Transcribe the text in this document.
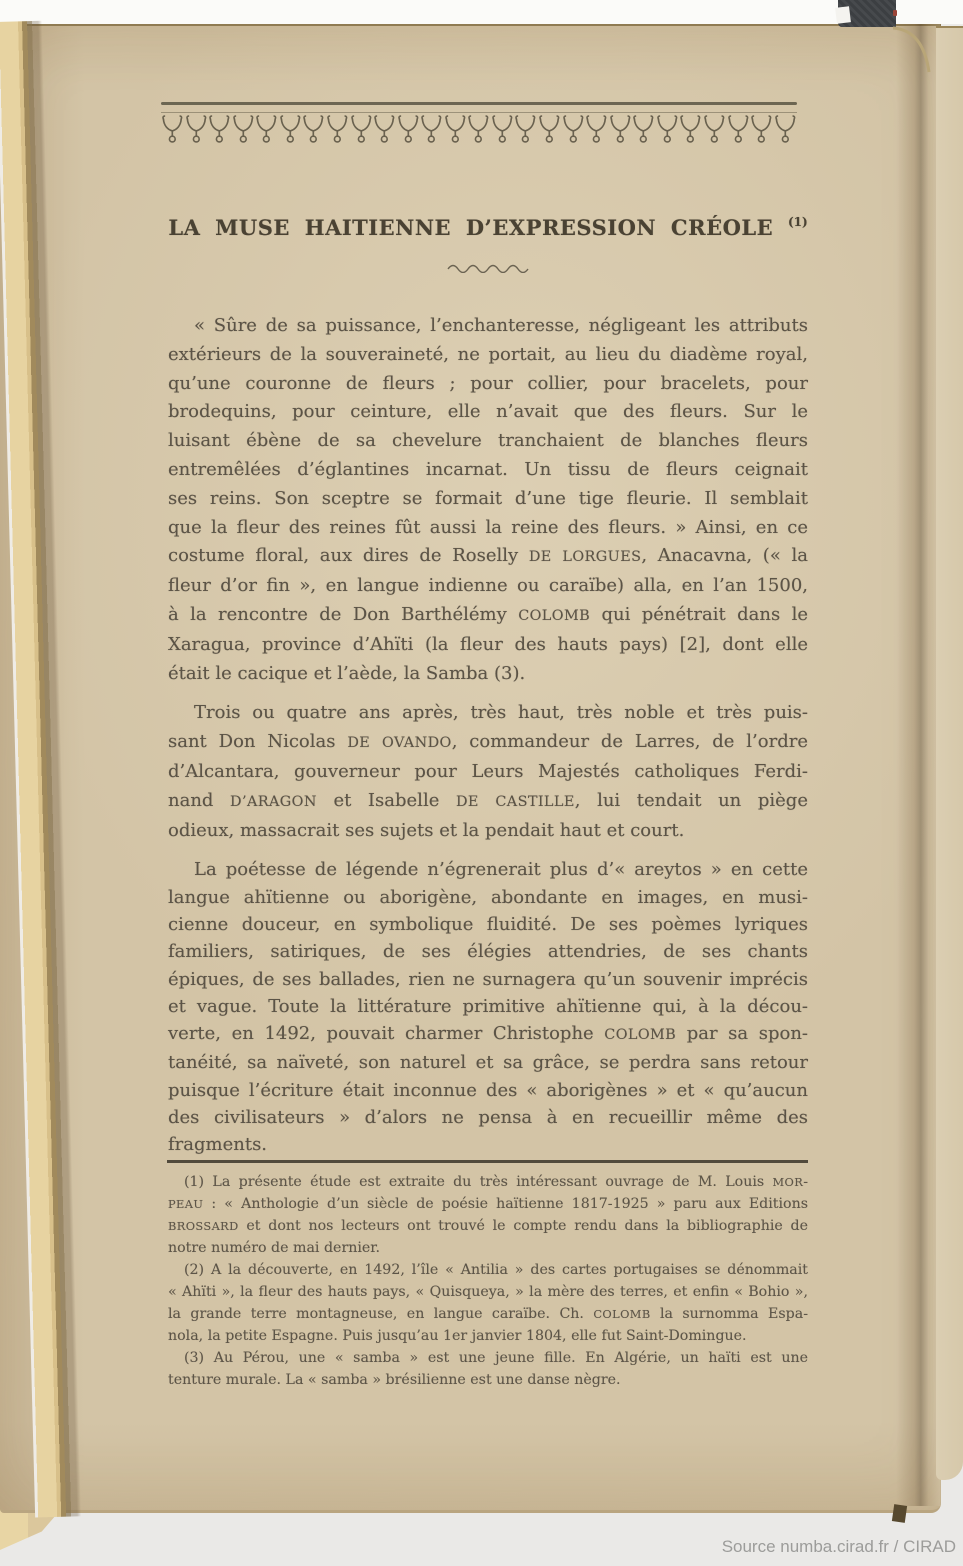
LA MUSE HAITIENNE D’EXPRESSION CRÉOLE $^{(1)}$
« Sûre de sa puissance, l’enchanteresse, négligeant les attributs
extérieurs de la souveraineté, ne portait, au lieu du diadème royal,
qu’une couronne de fleurs ; pour collier, pour bracelets, pour
brodequins, pour ceinture, elle n’avait que des fleurs. Sur le
luisant ébène de sa chevelure tranchaient de blanches fleurs
entremêlées d’églantines incarnat. Un tissu de fleurs ceignait
ses reins. Son sceptre se formait d’une tige fleurie. Il semblait
que la fleur des reines fût aussi la reine des fleurs. » Ainsi, en ce
costume floral, aux dires de Roselly DE LORGUES, Anacavna, (« la
fleur d’or fin », en langue indienne ou caraïbe) alla, en l’an 1500,
à la rencontre de Don Barthélémy COLOMB qui pénétrait dans le
Xaragua, province d’Ahïti (la fleur des hauts pays) [2], dont elle
était le cacique et l’aède, la Samba (3).
Trois ou quatre ans après, très haut, très noble et très puis-
sant Don Nicolas DE OVANDO, commandeur de Larres, de l’ordre
d’Alcantara, gouverneur pour Leurs Majestés catholiques Ferdi-
nand D’ARAGON et Isabelle DE CASTILLE, lui tendait un piège
odieux, massacrait ses sujets et la pendait haut et court.
La poétesse de légende n’égrenerait plus d’« areytos » en cette
langue ahïtienne ou aborigène, abondante en images, en musi-
cienne douceur, en symbolique fluidité. De ses poèmes lyriques
familiers, satiriques, de ses élégies attendries, de ses chants
épiques, de ses ballades, rien ne surnagera qu’un souvenir imprécis
et vague. Toute la littérature primitive ahïtienne qui, à la décou-
verte, en 1492, pouvait charmer Christophe COLOMB par sa spon-
tanéité, sa naïveté, son naturel et sa grâce, se perdra sans retour
puisque l’écriture était inconnue des « aborigènes » et « qu’aucun
des civilisateurs » d’alors ne pensa à en recueillir même des
fragments.
(1) La présente étude est extraite du très intéressant ouvrage de M. Louis MOR-
PEAU : « Anthologie d’un siècle de poésie haïtienne 1817-1925 » paru aux Editions
BROSSARD et dont nos lecteurs ont trouvé le compte rendu dans la bibliographie de
notre numéro de mai dernier.
(2) A la découverte, en 1492, l’île « Antilia » des cartes portugaises se dénommait
« Ahïti », la fleur des hauts pays, « Quisqueya, » la mère des terres, et enfin « Bohio »,
la grande terre montagneuse, en langue caraïbe. Ch. COLOMB la surnomma Espa-
nola, la petite Espagne. Puis jusqu’au 1er janvier 1804, elle fut Saint-Domingue.
(3) Au Pérou, une « samba » est une jeune fille. En Algérie, un haïti est une
tenture murale. La « samba » brésilienne est une danse nègre.
Source numba.cirad.fr / CIRAD
